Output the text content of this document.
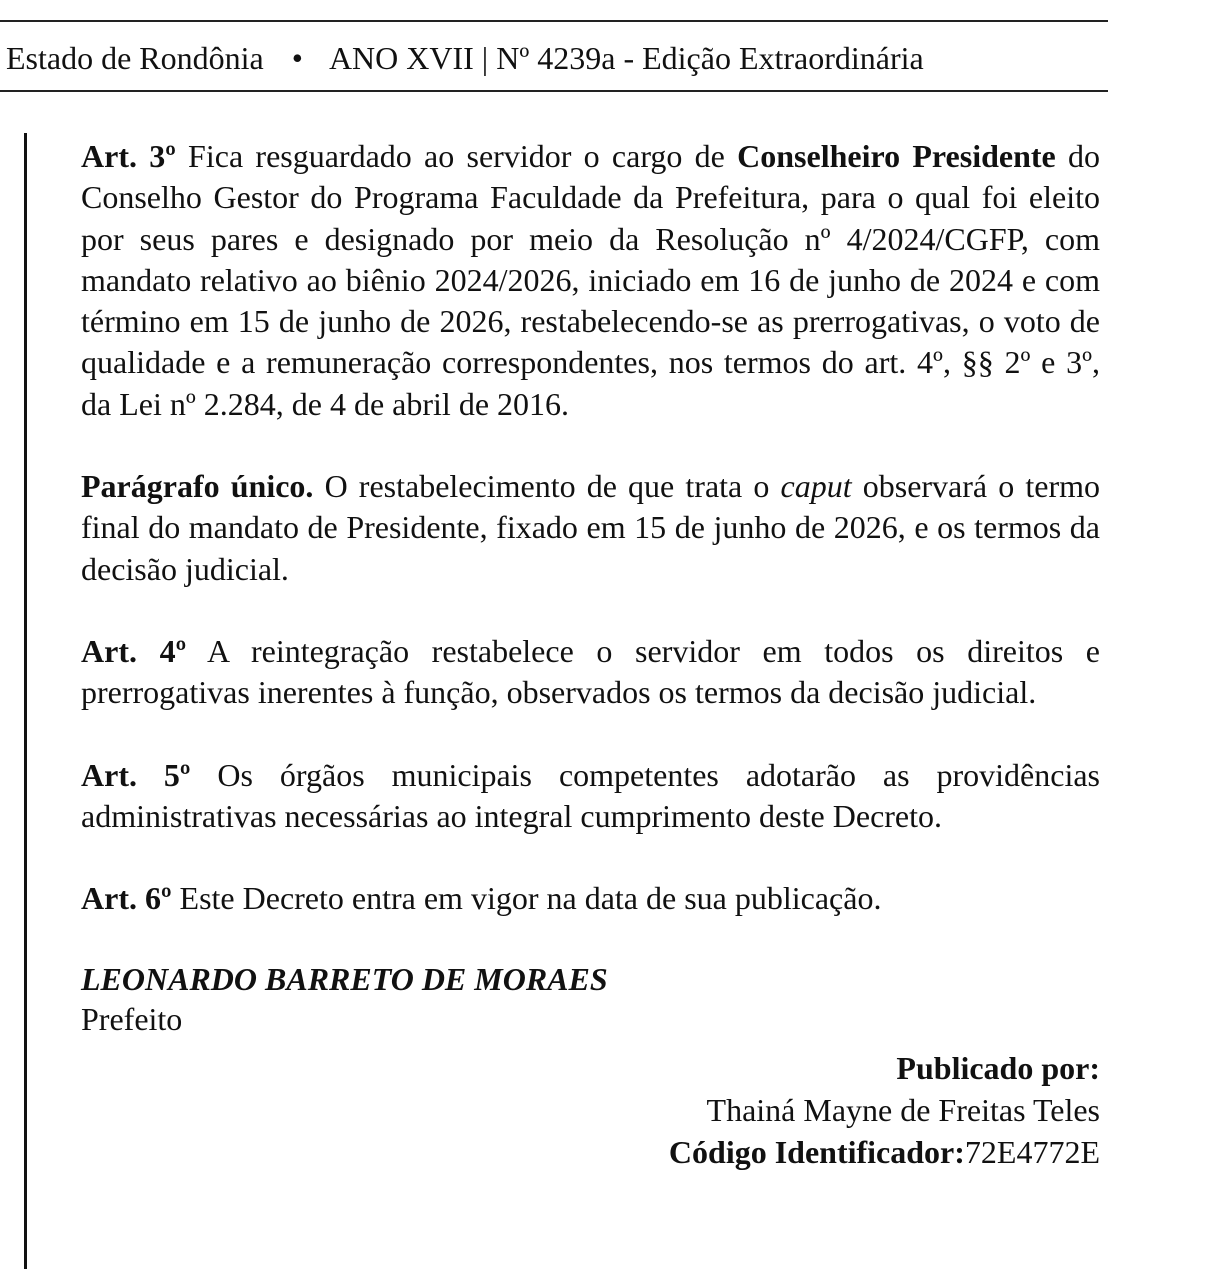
Estado de Rondônia • ANO XVII | Nº 4239a - Edição Extraordinária

Art. 3º Fica resguardado ao servidor o cargo de Conselheiro Presidente do Conselho Gestor do Programa Faculdade da Prefeitura, para o qual foi eleito por seus pares e designado por meio da Resolução nº 4/2024/CGFP, com mandato relativo ao biênio 2024/2026, iniciado em 16 de junho de 2024 e com término em 15 de junho de 2026, restabelecendo-se as prerrogativas, o voto de qualidade e a remuneração correspondentes, nos termos do art. 4º, §§ 2º e 3º, da Lei nº 2.284, de 4 de abril de 2016.

Parágrafo único. O restabelecimento de que trata o caput observará o termo final do mandato de Presidente, fixado em 15 de junho de 2026, e os termos da decisão judicial.

Art. 4º A reintegração restabelece o servidor em todos os direitos e prerrogativas inerentes à função, observados os termos da decisão judicial.

Art. 5º Os órgãos municipais competentes adotarão as providências administrativas necessárias ao integral cumprimento deste Decreto.

Art. 6º Este Decreto entra em vigor na data de sua publicação.

LEONARDO BARRETO DE MORAES
Prefeito
Publicado por:
Thainá Mayne de Freitas Teles
Código Identificador:72E4772E
